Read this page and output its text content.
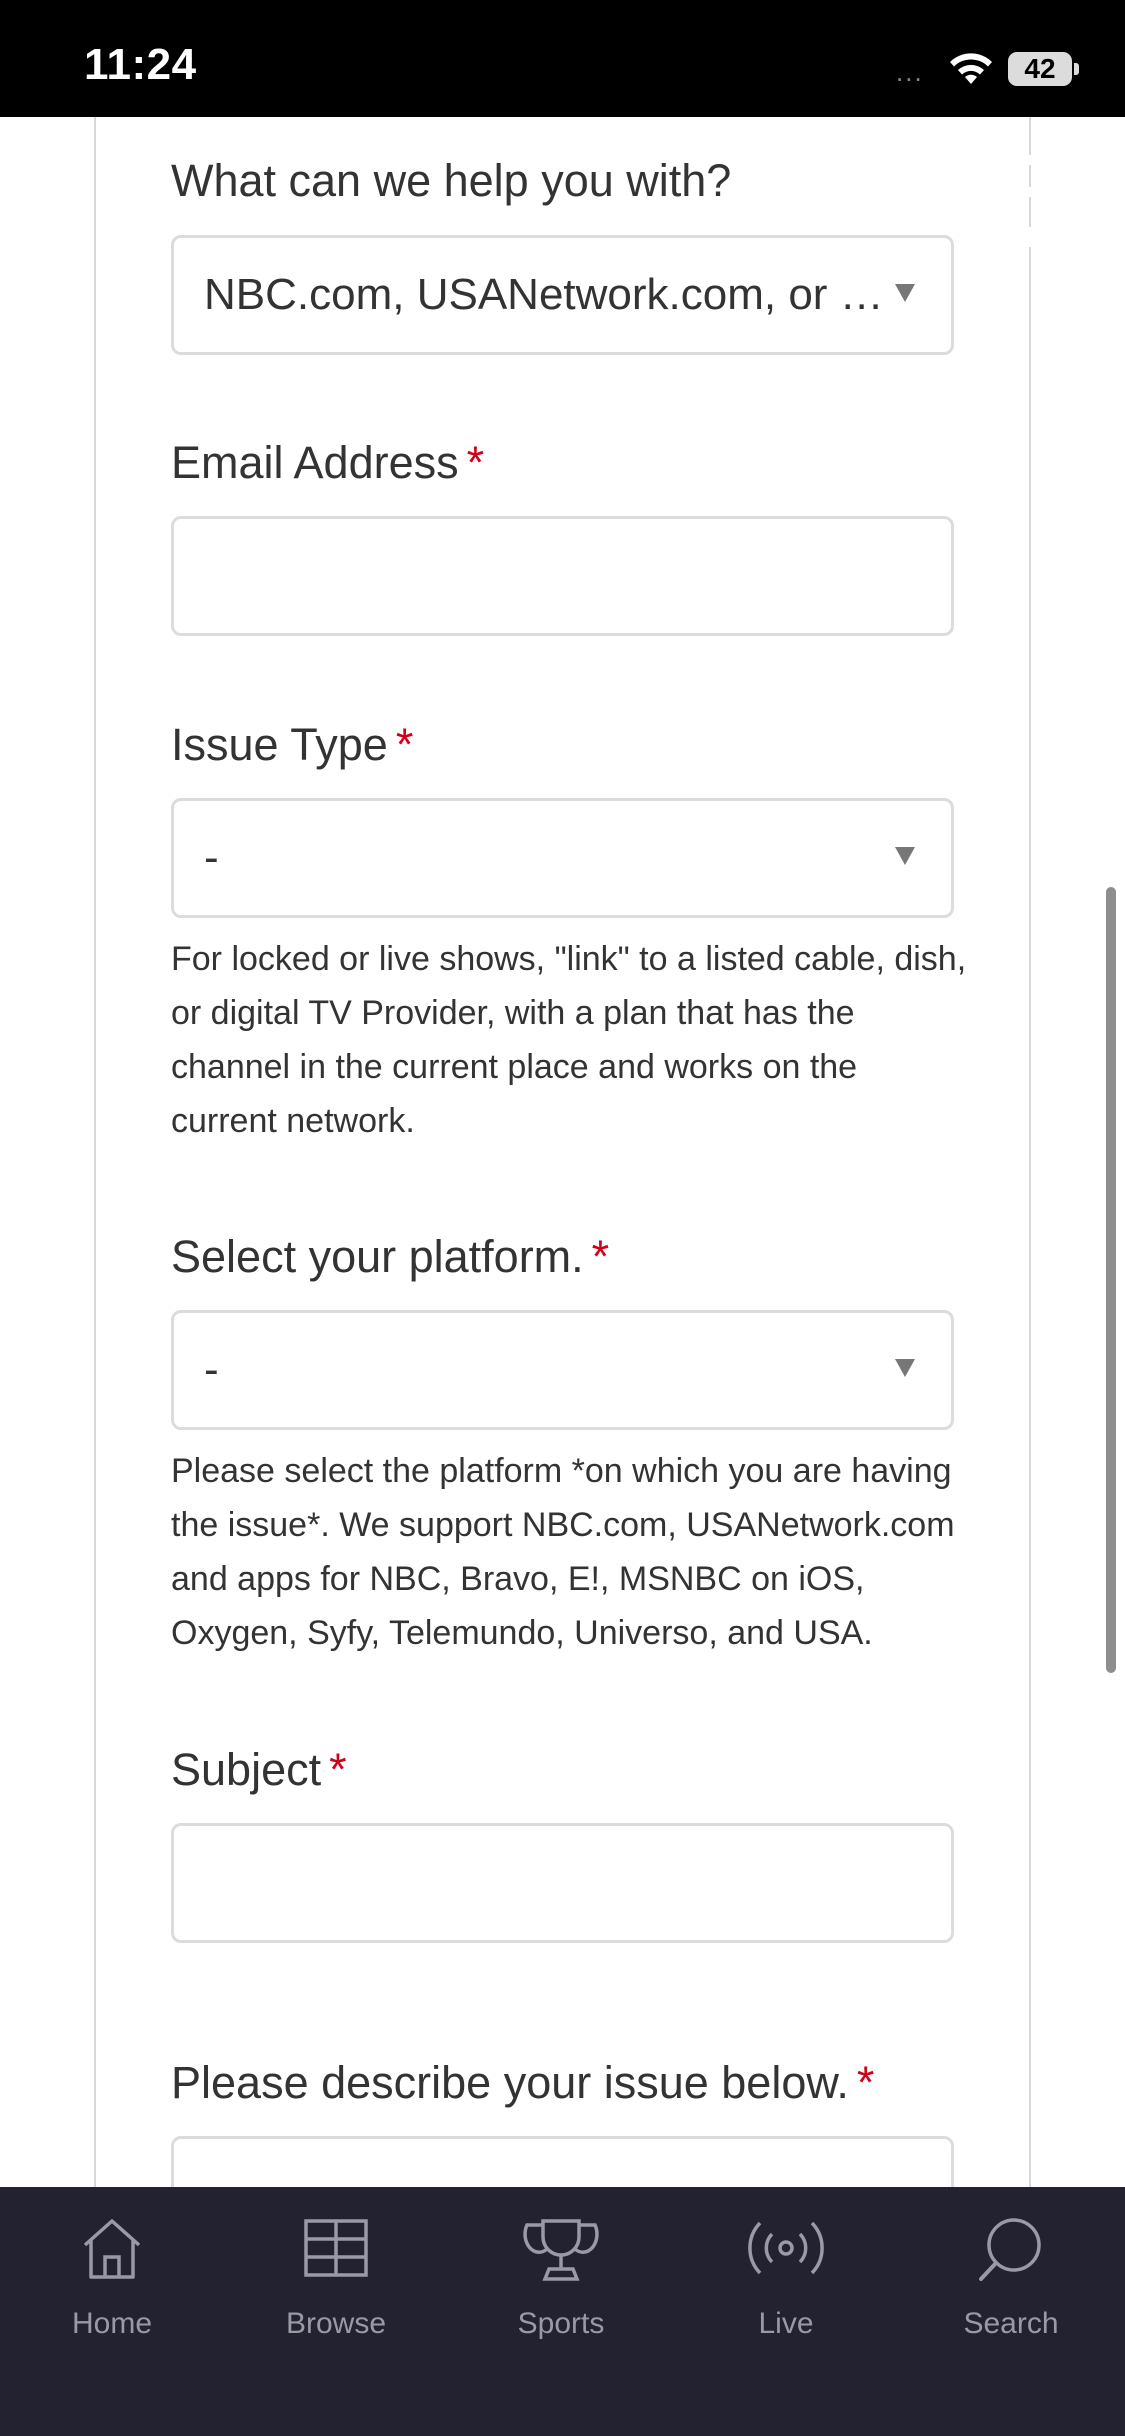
11:24	...	42
What can we help you with?
NBC.com, USANetwork.com, or …
Email Address *
Issue Type *
-
For locked or live shows, "link" to a listed cable, dish, or digital TV Provider, with a plan that has the channel in the current place and works on the current network.
Select your platform. *
-
Please select the platform *on which you are having the issue*. We support NBC.com, USANetwork.com and apps for NBC, Bravo, E!, MSNBC on iOS, Oxygen, Syfy, Telemundo, Universo, and USA.
Subject *
Please describe your issue below. *
Home	Browse	Sports	Live	Search
